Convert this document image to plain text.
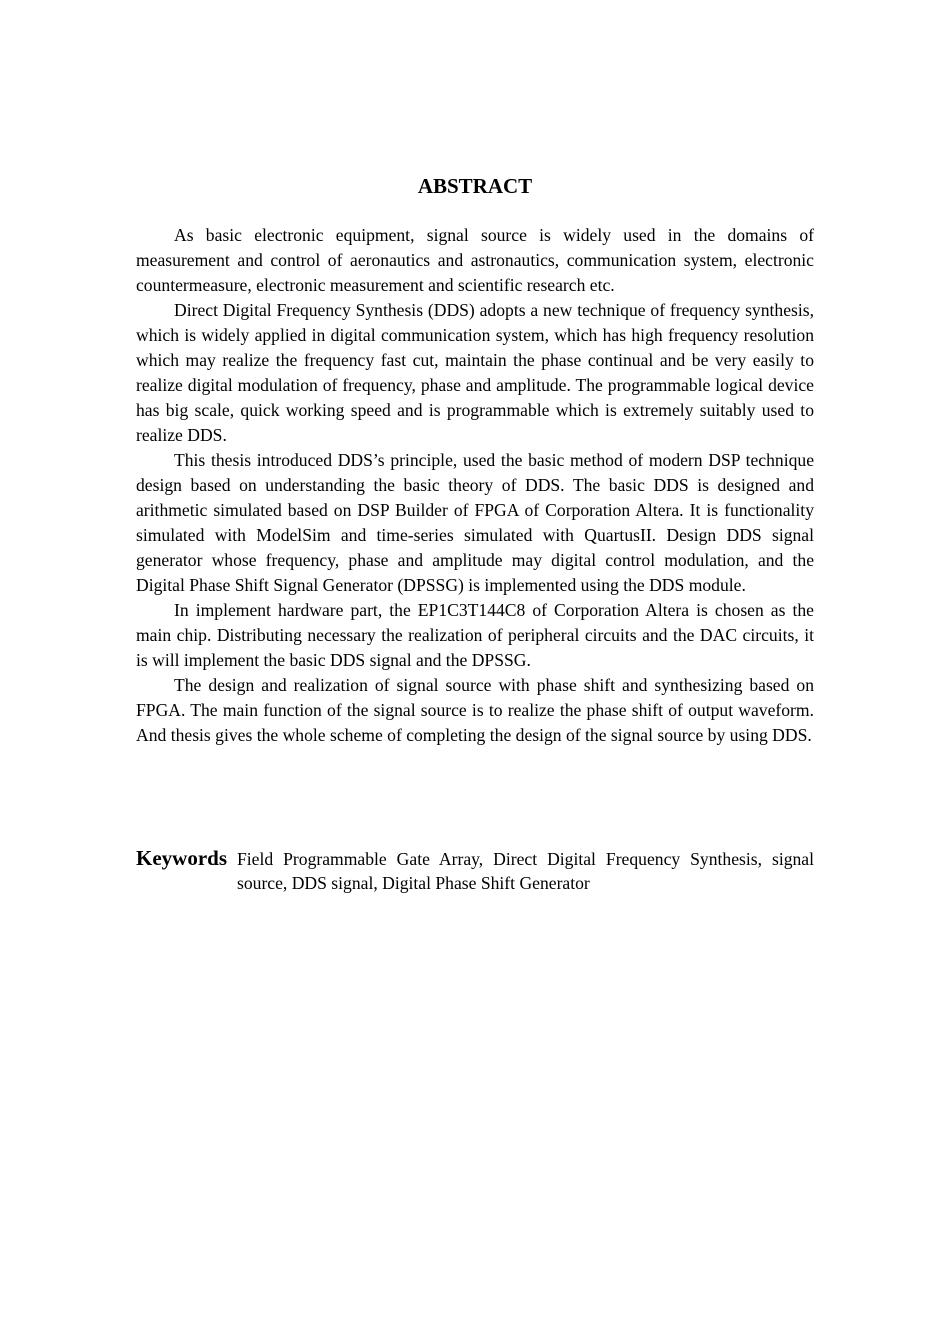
ABSTRACT

As basic electronic equipment, signal source is widely used in the domains of measurement and control of aeronautics and astronautics, communication system, electronic countermeasure, electronic measurement and scientific research etc.

Direct Digital Frequency Synthesis (DDS) adopts a new technique of frequency synthesis, which is widely applied in digital communication system, which has high frequency resolution which may realize the frequency fast cut, maintain the phase continual and be very easily to realize digital modulation of frequency, phase and amplitude. The programmable logical device has big scale, quick working speed and is programmable which is extremely suitably used to realize DDS.

This thesis introduced DDS’s principle, used the basic method of modern DSP technique design based on understanding the basic theory of DDS. The basic DDS is designed and arithmetic simulated based on DSP Builder of FPGA of Corporation Altera. It is functionality simulated with ModelSim and time-series simulated with QuartusII. Design DDS signal generator whose frequency, phase and amplitude may digital control modulation, and the Digital Phase Shift Signal Generator (DPSSG) is implemented using the DDS module.

In implement hardware part, the EP1C3T144C8 of Corporation Altera is chosen as the main chip. Distributing necessary the realization of peripheral circuits and the DAC circuits, it is will implement the basic DDS signal and the DPSSG.

The design and realization of signal source with phase shift and synthesizing based on FPGA. The main function of the signal source is to realize the phase shift of output waveform. And thesis gives the whole scheme of completing the design of the signal source by using DDS.

Keywords Field Programmable Gate Array, Direct Digital Frequency Synthesis, signal source, DDS signal, Digital Phase Shift Generator
